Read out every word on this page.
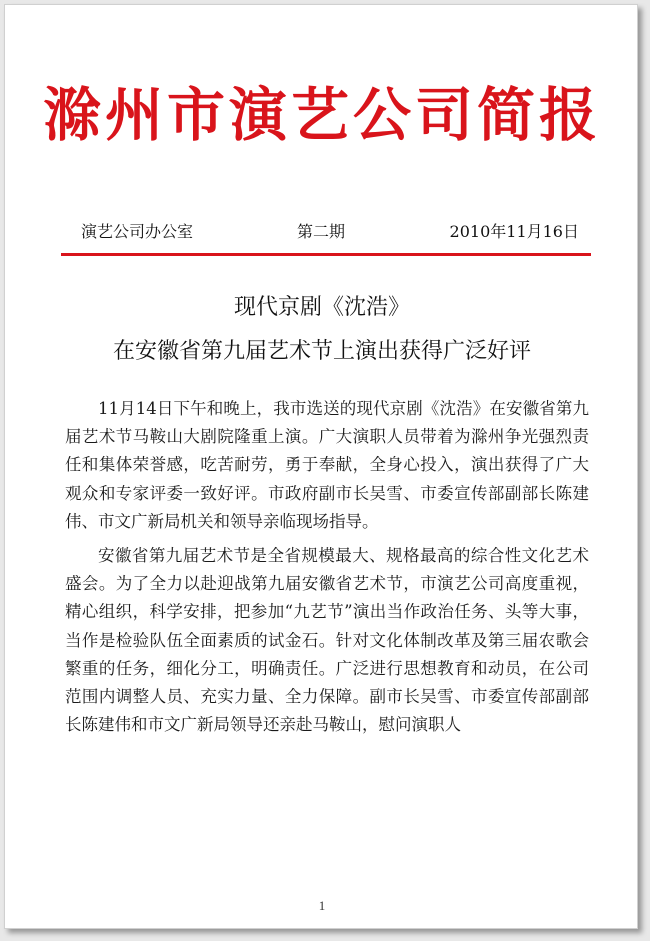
滁州市演艺公司简报
演艺公司办公室	第二期	2010年11月16日
现代京剧《沈浩》
在安徽省第九届艺术节上演出获得广泛好评

11月14日下午和晚上，我市选送的现代京剧《沈浩》在安徽省第九届艺术节马鞍山大剧院隆重上演。广大演职人员带着为滁州争光强烈责任和集体荣誉感，吃苦耐劳，勇于奉献，全身心投入，演出获得了广大观众和专家评委一致好评。市政府副市长吴雪、市委宣传部副部长陈建伟、市文广新局机关和领导亲临现场指导。

安徽省第九届艺术节是全省规模最大、规格最高的综合性文化艺术盛会。为了全力以赴迎战第九届安徽省艺术节，市演艺公司高度重视，精心组织，科学安排，把参加“九艺节”演出当作政治任务、头等大事，当作是检验队伍全面素质的试金石。针对文化体制改革及第三届农歌会繁重的任务，细化分工，明确责任。广泛进行思想教育和动员，在公司范围内调整人员、充实力量、全力保障。副市长吴雪、市委宣传部副部长陈建伟和市文广新局领导还亲赴马鞍山，慰问演职人

1
